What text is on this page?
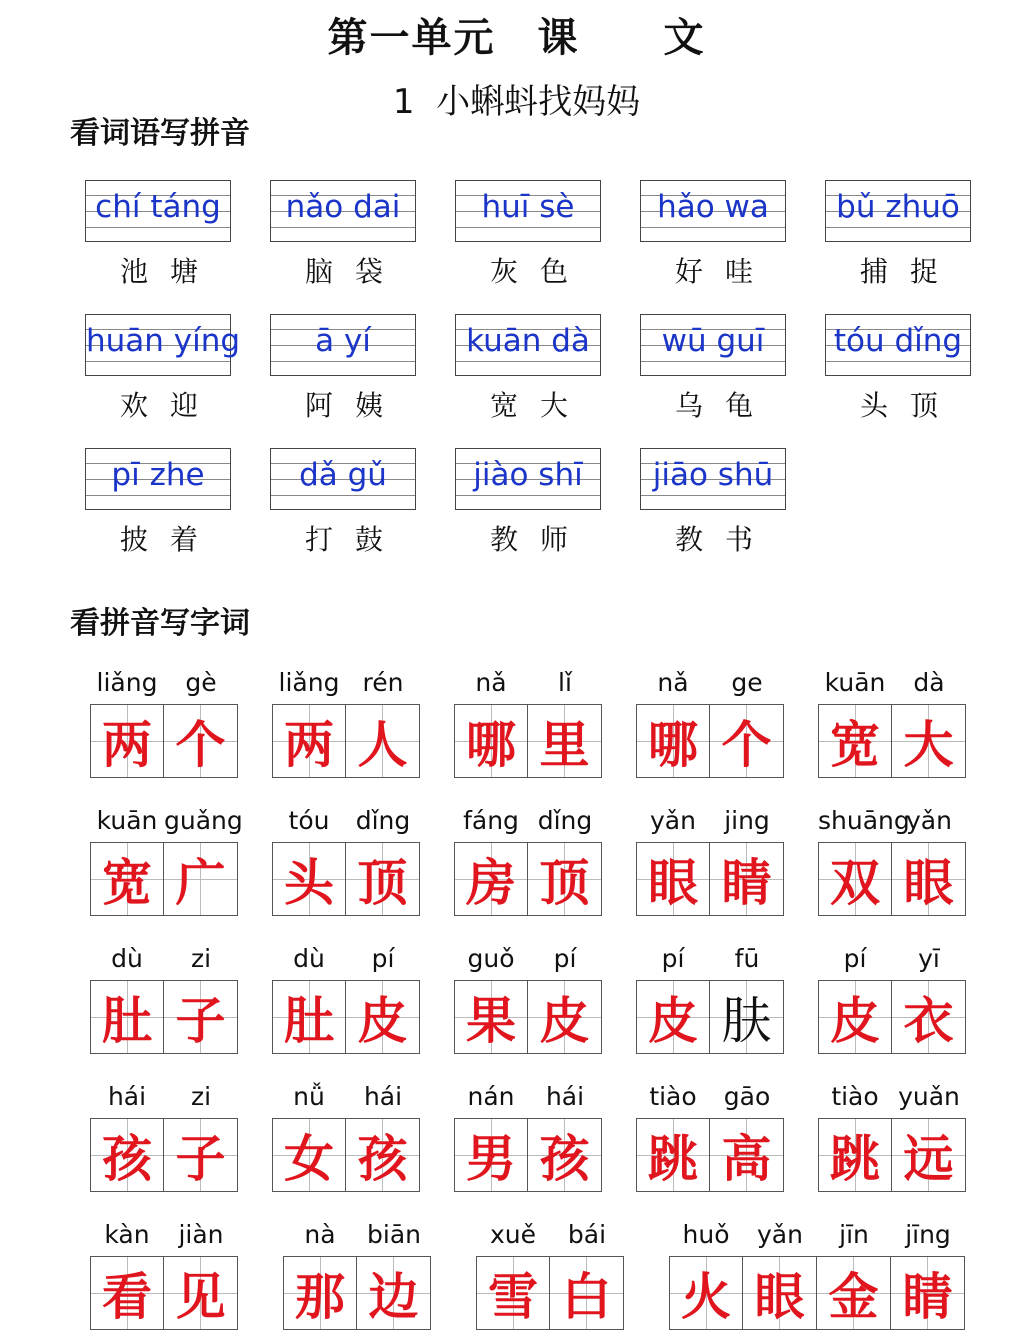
第一单元　课　　文
1  小蝌蚪找妈妈
看词语写拼音
chí táng
池塘
nǎo dai
脑袋
huī sè
灰色
hǎo wa
好哇
bǔ zhuō
捕捉
huān yíng
欢迎
ā yí
阿姨
kuān dà
宽大
wū guī
乌龟
tóu dǐng
头顶
pī zhe
披着
dǎ gǔ
打鼓
jiào shī
教师
jiāo shū
教书
看拼音写字词
liǎng	gè
两 个
liǎng rén
两 人
nǎ	lǐ
哪 里
nǎ	ge
哪 个
kuān	dà
宽 大
kuān guǎng
宽 广
tóu	dǐng
头 顶
fáng dǐng
房 顶
yǎn	jing
眼 睛
shuāng
yǎn
双 眼
dù	zi
肚 子
dù	pí
肚 皮
guǒ	pí
果 皮
pí	fū
皮 肤
pí	yī
皮 衣
hái	zi
孩 子
nǚ	hái
女 孩
nán	hái
男 孩
tiào	gāo
跳 高
tiào yuǎn
跳 远
kàn	jiàn
看 见
nà	biān
那 边
xuě	bái
雪 白
huǒ	yǎn	jīn	jīng
火 眼 金 睛
